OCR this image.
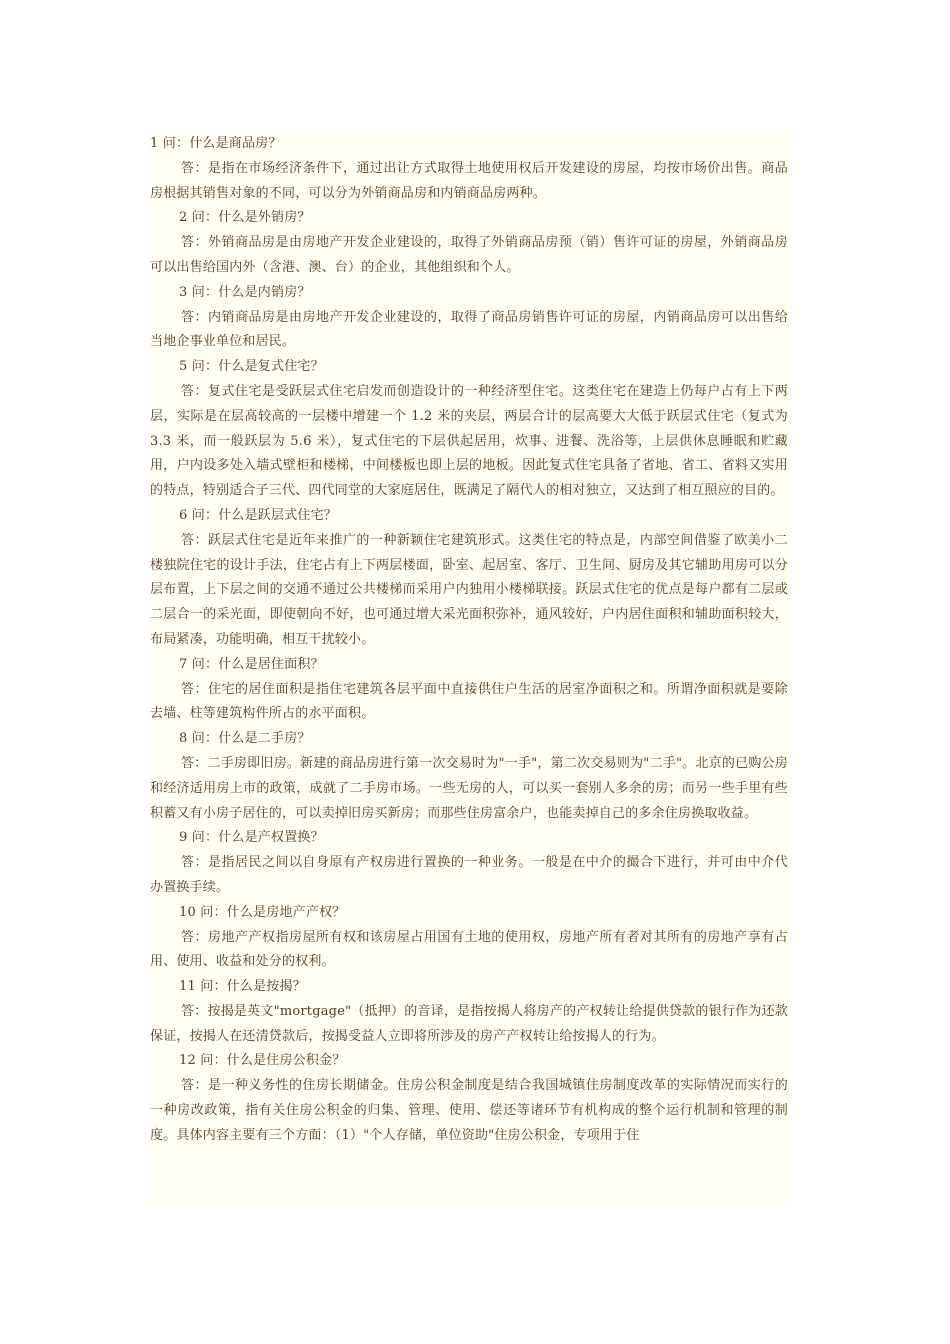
1 问：什么是商品房？

答：是指在市场经济条件下，通过出让方式取得土地使用权后开发建设的房屋，均按市场价出售。商品房根据其销售对象的不同，可以分为外销商品房和内销商品房两种。

2 问：什么是外销房？

答：外销商品房是由房地产开发企业建设的，取得了外销商品房预（销）售许可证的房屋，外销商品房可以出售给国内外（含港、澳、台）的企业，其他组织和个人。

3 问：什么是内销房？

答：内销商品房是由房地产开发企业建设的，取得了商品房销售许可证的房屋，内销商品房可以出售给当地企事业单位和居民。

5 问：什么是复式住宅？

答：复式住宅是受跃层式住宅启发而创造设计的一种经济型住宅。这类住宅在建造上仍每户占有上下两层，实际是在层高较高的一层楼中增建一个 1.2 米的夹层，两层合计的层高要大大低于跃层式住宅（复式为 3.3 米，而一般跃层为 5.6 米），复式住宅的下层供起居用，炊事、进餐、洗浴等，上层供休息睡眠和贮藏用，户内设多处入墙式壁柜和楼梯，中间楼板也即上层的地板。因此复式住宅具备了省地、省工、省料又实用的特点，特别适合子三代、四代同堂的大家庭居住，既满足了隔代人的相对独立，又达到了相互照应的目的。

6 问：什么是跃层式住宅？

答：跃层式住宅是近年来推广的一种新颖住宅建筑形式。这类住宅的特点是，内部空间借鉴了欧美小二楼独院住宅的设计手法，住宅占有上下两层楼面，卧室、起居室、客厅、卫生间、厨房及其它辅助用房可以分层布置，上下层之间的交通不通过公共楼梯而采用户内独用小楼梯联接。跃层式住宅的优点是每户都有二层或二层合一的采光面，即使朝向不好，也可通过增大采光面积弥补，通风较好，户内居住面积和辅助面积较大，布局紧凑，功能明确，相互干扰较小。

7 问：什么是居住面积？

答：住宅的居住面积是指住宅建筑各层平面中直接供住户生活的居室净面积之和。所谓净面积就是要除去墙、柱等建筑构件所占的水平面积。

8 问：什么是二手房？

答：二手房即旧房。新建的商品房进行第一次交易时为"一手"，第二次交易则为"二手"。北京的已购公房和经济适用房上市的政策，成就了二手房市场。一些无房的人，可以买一套别人多余的房；而另一些手里有些积蓄又有小房子居住的，可以卖掉旧房买新房；而那些住房富余户，也能卖掉自己的多余住房换取收益。

9 问：什么是产权置换？

答：是指居民之间以自身原有产权房进行置换的一种业务。一般是在中介的撮合下进行，并可由中介代办置换手续。

10 问：什么是房地产产权？

答：房地产产权指房屋所有权和该房屋占用国有土地的使用权，房地产所有者对其所有的房地产享有占用、使用、收益和处分的权利。

11 问：什么是按揭？

答：按揭是英文"mortgage"（抵押）的音译，是指按揭人将房产的产权转让给提供贷款的银行作为还款保证，按揭人在还清贷款后，按揭受益人立即将所涉及的房产产权转让给按揭人的行为。

12 问：什么是住房公积金？

答：是一种义务性的住房长期储金。住房公积金制度是结合我国城镇住房制度改革的实际情况而实行的一种房改政策，指有关住房公积金的归集、管理、使用、偿还等诸环节有机构成的整个运行机制和管理的制度。具体内容主要有三个方面：（1）"个人存储，单位资助"住房公积金，专项用于住
